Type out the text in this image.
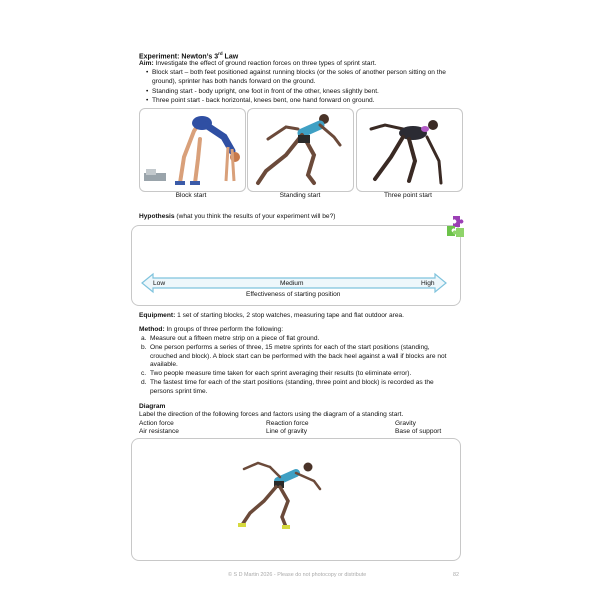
Experiment: Newton’s 3rd Law
Aim: Investigate the effect of ground reaction forces on three types of sprint start.
• Block start – both feet positioned against running blocks (or the soles of another person sitting on the ground), sprinter has both hands forward on the ground.
• Standing start - body upright, one foot in front of the other, knees slightly bent.
• Three point start - back horizontal, knees bent, one hand forward on ground.
Block start	Standing start	Three point start
Hypothesis (what you think the results of your experiment will be?)
Low	Medium	High
Effectiveness of starting position
Equipment: 1 set of starting blocks, 2 stop watches, measuring tape and flat outdoor area.
Method: In groups of three perform the following:
a. Measure out a fifteen metre strip on a piece of flat ground.
b. One person performs a series of three, 15 metre sprints for each of the start positions (standing, crouched and block). A block start can be performed with the back heel against a wall if blocks are not available.
c. Two people measure time taken for each sprint averaging their results (to eliminate error).
d. The fastest time for each of the start positions (standing, three point and block) is recorded as the persons sprint time.
Diagram
Label the direction of the following forces and factors using the diagram of a standing start.
Action force	Reaction force	Gravity
Air resistance	Line of gravity	Base of support
© S D Martin 2026 - Please do not photocopy or distribute	82
